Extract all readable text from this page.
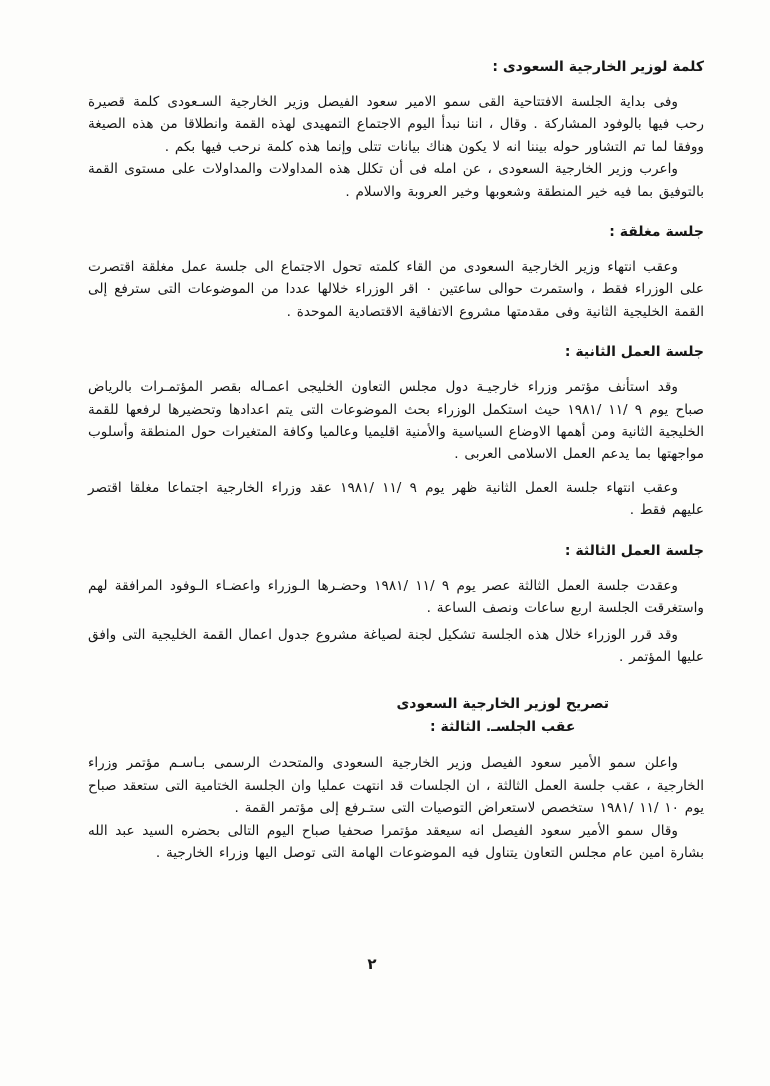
كلمة لوزير الخارجية السعودى :

وفى بداية الجلسة الافتتاحية القى سمو الامير سعود الفيصل وزير الخارجية السـعودى كلمة قصيرة رحب فيها بالوفود المشاركة . وقال ، اننا نبدأ اليوم الاجتماع التمهيدى لهذه القمة وانطلاقا من هذه الصيغة ووفقا لما تم التشاور حوله بيننا انه لا يكون هناك بيانات تتلى وإنما هذه كلمة نرحب فيها بكم .

واعرب وزير الخارجية السعودى ، عن امله فى أن تكلل هذه المداولات والمداولات على مستوى القمة بالتوفيق بما فيه خير المنطقة وشعوبها وخير العروبة والاسلام .

جلسة مغلقة :

وعقب انتهاء وزير الخارجية السعودى من القاء كلمته تحول الاجتماع الى جلسة عمل مغلقة اقتصرت على الوزراء فقط ، واستمرت حوالى ساعتين ٠ اقر الوزراء خلالها عددا من الموضوعات التى سترفع إلى القمة الخليجية الثانية وفى مقدمتها مشروع الاتفاقية الاقتصادية الموحدة .

جلسة العمل الثانية :

وقد استأنف مؤتمر وزراء خارجيـة دول مجلس التعاون الخليجى اعمـاله بقصر المؤتمـرات بالرياض صباح يوم ٩ /١١ /١٩٨١ حيث استكمل الوزراء بحث الموضوعات التى يتم اعدادها وتحضيرها لرفعها للقمة الخليجية الثانية ومن أهمها الاوضاع السياسية والأمنية اقليميا وعالميا وكافة المتغيرات حول المنطقة وأسلوب مواجهتها بما يدعم العمل الاسلامى العربى .

وعقب انتهاء جلسة العمل الثانية ظهر يوم ٩ /١١ /١٩٨١ عقد وزراء الخارجية اجتماعا مغلقا اقتصر عليهم فقط .

جلسة العمل الثالثة :

وعقدت جلسة العمل الثالثة عصر يوم ٩ /١١ /١٩٨١ وحضـرها الـوزراء واعضـاء الـوفود المرافقة لهم واستغرقت الجلسة اربع ساعات ونصف الساعة .

وقد قرر الوزراء خلال هذه الجلسة تشكيل لجنة لصياغة مشروع جدول اعمال القمة الخليجية التى وافق عليها المؤتمر .

تصريح لوزير الخارجية السعودى
عقب الجلسـ. الثالثة :

واعلن سمو الأمير سعود الفيصل وزير الخارجية السعودى والمتحدث الرسمى بـاسـم مؤتمر وزراء الخارجية ، عقب جلسة العمل الثالثة ، ان الجلسات قد انتهت عمليا وان الجلسة الختامية التى ستعقد صباح يوم ١٠ /١١ /١٩٨١ ستخصص لاستعراض التوصيات التى ستـرفع إلى مؤتمر القمة .

وقال سمو الأمير سعود الفيصل انه سيعقد مؤتمرا صحفيا صباح اليوم التالى بحضره السيد عبد الله بشارة امين عام مجلس التعاون يتناول فيه الموضوعات الهامة التى توصل اليها وزراء الخارجية .

٢
